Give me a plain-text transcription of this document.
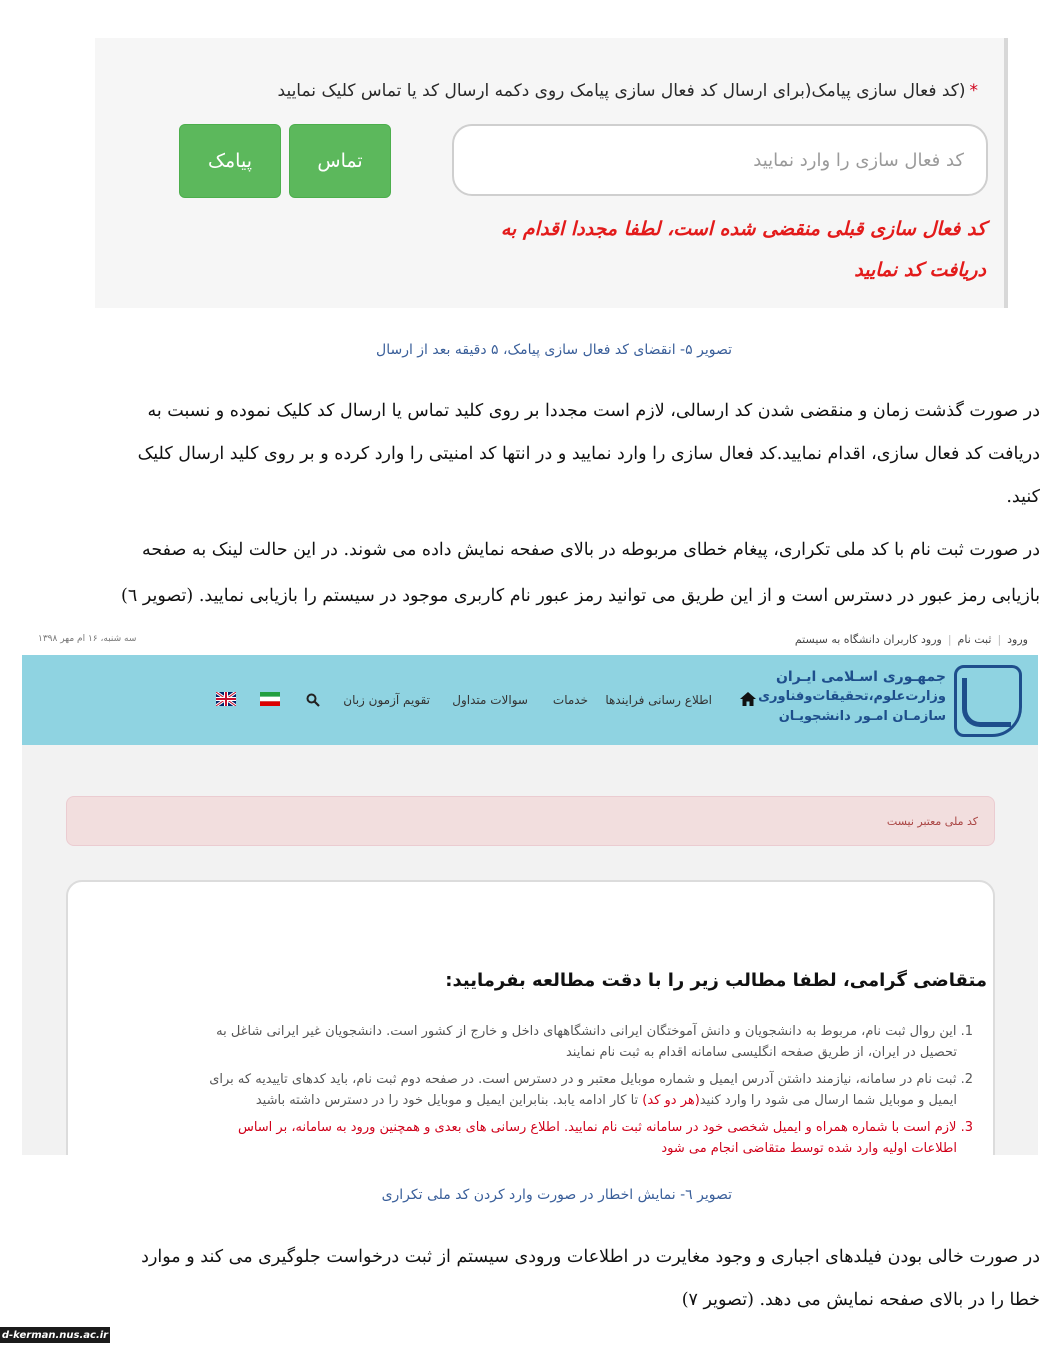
*(کد فعال سازی پیامک(برای ارسال کد فعال سازی پیامک روی دکمه ارسال کد یا تماس کلیک نمایید
کد فعال سازی را وارد نمایید
تماس
پیامک
کد فعال سازی قبلی منقضی شده است، لطفا مجددا اقدام به
دریافت کد نمایید
تصویر ۵- انقضای کد فعال سازی پیامک، ۵ دقیقه بعد از ارسال
در صورت گذشت زمان و منقضی شدن کد ارسالی، لازم است مجددا بر روی کلید تماس یا ارسال کد کلیک نموده و نسبت به
دریافت کد فعال سازی، اقدام نمایید.کد فعال سازی را وارد نمایید و در انتها کد امنیتی را وارد کرده و بر روی کلید ارسال کلیک
کنید.
در صورت ثبت نام با کد ملی تکراری، پیغام خطای مربوطه در بالای صفحه نمایش داده می شوند. در این حالت لینک به صفحه
بازیابی رمز عبور در دسترس است و از این طریق می توانید رمز عبور نام کاربری موجود در سیستم را بازیابی نمایید. (تصویر ٦)
ورود|ثبت نام|ورود کاربران دانشگاه به سیستم
سه شنبه، ۱۶ ام مهر ۱۳۹۸
جمهـوری اسـلامی ایـران
وزارت‌علوم،تحقیقات‌وفناوری
سازمـان امـور دانشجویـان
اطلاع رسانی فرایندها
خدمات
سوالات متداول
تقویم آزمون زبان
کد ملی معتبر نیست
متقاضی گرامی، لطفا مطالب زیر را با دقت مطالعه بفرمایید:
1. این روال ثبت نام، مربوط به دانشجویان و دانش آموختگان ایرانی دانشگاههای داخل و خارج از کشور است. دانشجویان غیر ایرانی شاغل به
تحصیل در ایران، از طریق صفحه انگلیسی سامانه اقدام به ثبت نام نمایند
2. ثبت نام در سامانه، نیازمند داشتن آدرس ایمیل و شماره موبایل معتبر و در دسترس است. در صفحه دوم ثبت نام، باید کدهای تاییدیه که برای
ایمیل و موبایل شما ارسال می شود را وارد کنید(هر دو کد) تا کار ادامه یابد. بنابراین ایمیل و موبایل خود را در دسترس داشته باشید
3. لازم است با شماره همراه و ایمیل شخصی خود در سامانه ثبت نام نمایید. اطلاع رسانی های بعدی و همچنین ورود به سامانه، بر اساس
اطلاعات اولیه وارد شده توسط متقاضی انجام می شود
تصویر ٦- نمایش اخطار در صورت وارد کردن کد ملی تکراری
در صورت خالی بودن فیلدهای اجباری و وجود مغایرت در اطلاعات ورودی سیستم از ثبت درخواست جلوگیری می کند و موارد
خطا را در بالای صفحه نمایش می دهد. (تصویر ۷)
d-kerman.nus.ac.ir
